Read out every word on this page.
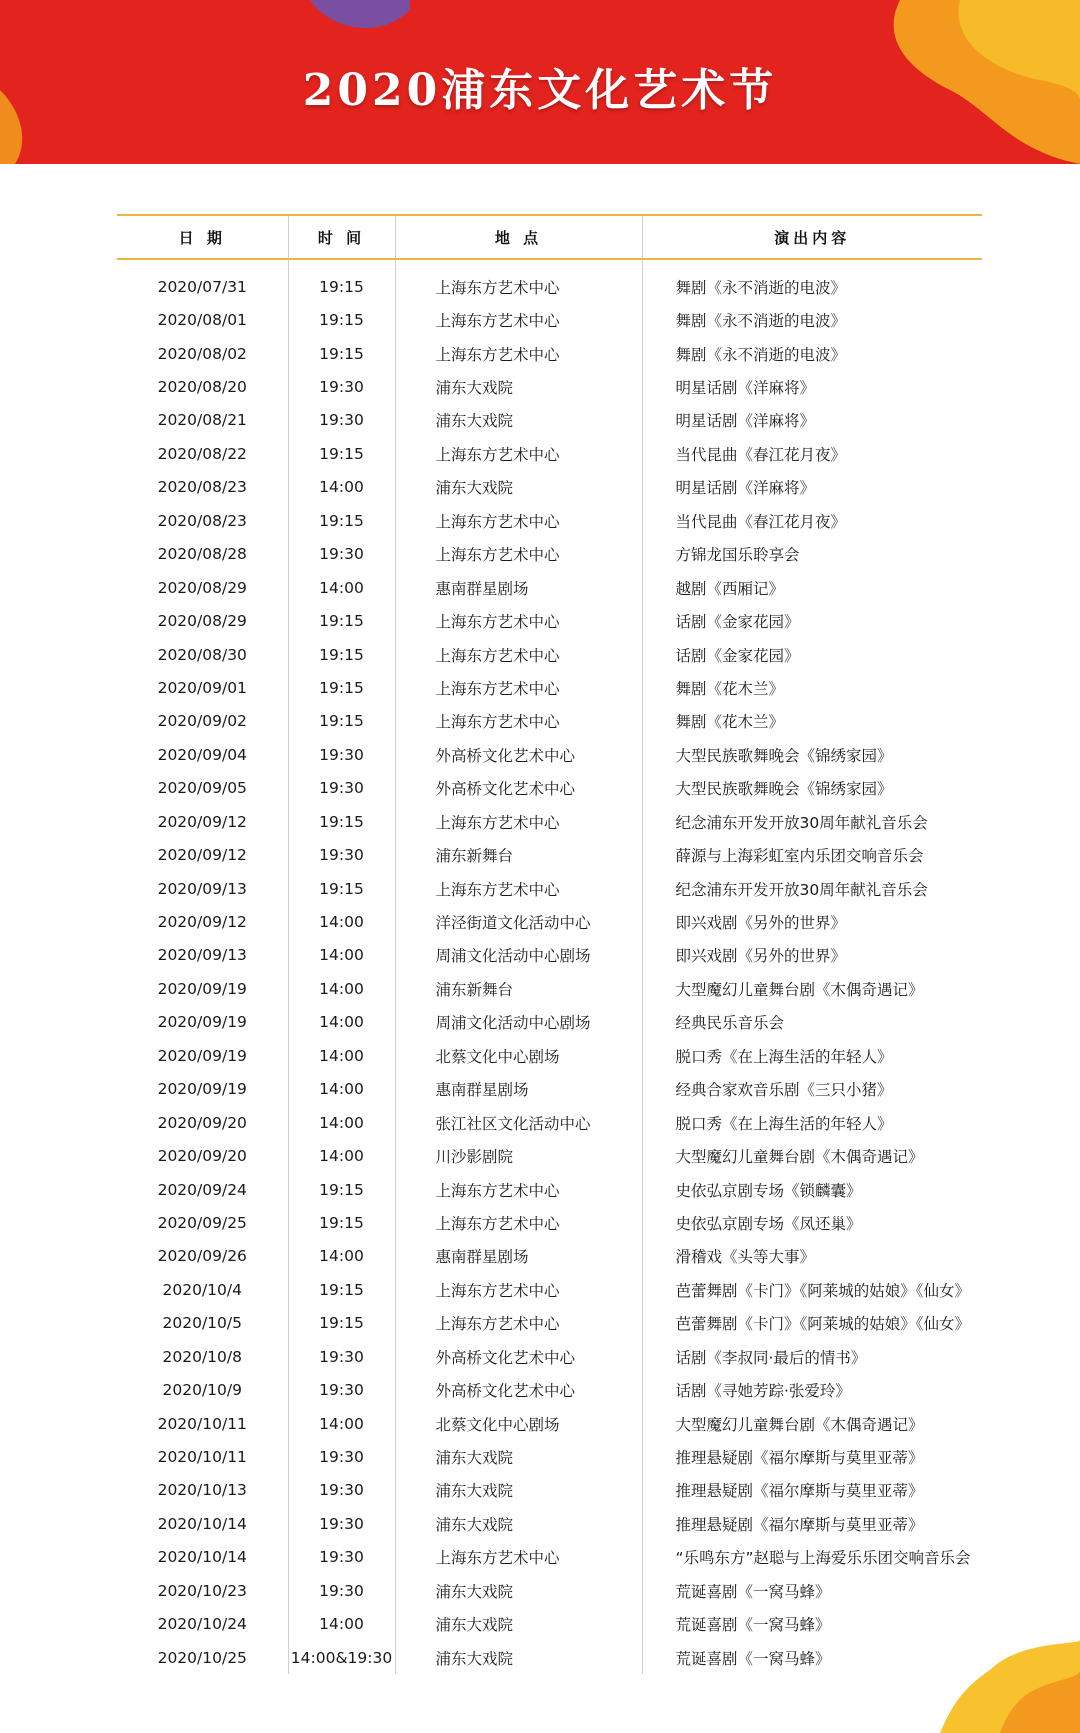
2020浦东文化艺术节
日 期	时 间	地 点	演出内容
2020/07/31	19:15	上海东方艺术中心	舞剧《永不消逝的电波》
2020/08/01	19:15	上海东方艺术中心	舞剧《永不消逝的电波》
2020/08/02	19:15	上海东方艺术中心	舞剧《永不消逝的电波》
2020/08/20	19:30	浦东大戏院	明星话剧《洋麻将》
2020/08/21	19:30	浦东大戏院	明星话剧《洋麻将》
2020/08/22	19:15	上海东方艺术中心	当代昆曲《春江花月夜》
2020/08/23	14:00	浦东大戏院	明星话剧《洋麻将》
2020/08/23	19:15	上海东方艺术中心	当代昆曲《春江花月夜》
2020/08/28	19:30	上海东方艺术中心	方锦龙国乐聆享会
2020/08/29	14:00	惠南群星剧场	越剧《西厢记》
2020/08/29	19:15	上海东方艺术中心	话剧《金家花园》
2020/08/30	19:15	上海东方艺术中心	话剧《金家花园》
2020/09/01	19:15	上海东方艺术中心	舞剧《花木兰》
2020/09/02	19:15	上海东方艺术中心	舞剧《花木兰》
2020/09/04	19:30	外高桥文化艺术中心	大型民族歌舞晚会《锦绣家园》
2020/09/05	19:30	外高桥文化艺术中心	大型民族歌舞晚会《锦绣家园》
2020/09/12	19:15	上海东方艺术中心	纪念浦东开发开放30周年献礼音乐会
2020/09/12	19:30	浦东新舞台	薛源与上海彩虹室内乐团交响音乐会
2020/09/13	19:15	上海东方艺术中心	纪念浦东开发开放30周年献礼音乐会
2020/09/12	14:00	洋泾街道文化活动中心	即兴戏剧《另外的世界》
2020/09/13	14:00	周浦文化活动中心剧场	即兴戏剧《另外的世界》
2020/09/19	14:00	浦东新舞台	大型魔幻儿童舞台剧《木偶奇遇记》
2020/09/19	14:00	周浦文化活动中心剧场	经典民乐音乐会
2020/09/19	14:00	北蔡文化中心剧场	脱口秀《在上海生活的年轻人》
2020/09/19	14:00	惠南群星剧场	经典合家欢音乐剧《三只小猪》
2020/09/20	14:00	张江社区文化活动中心	脱口秀《在上海生活的年轻人》
2020/09/20	14:00	川沙影剧院	大型魔幻儿童舞台剧《木偶奇遇记》
2020/09/24	19:15	上海东方艺术中心	史依弘京剧专场《锁麟囊》
2020/09/25	19:15	上海东方艺术中心	史依弘京剧专场《凤还巢》
2020/09/26	14:00	惠南群星剧场	滑稽戏《头等大事》
2020/10/4	19:15	上海东方艺术中心	芭蕾舞剧《卡门》《阿莱城的姑娘》《仙女》
2020/10/5	19:15	上海东方艺术中心	芭蕾舞剧《卡门》《阿莱城的姑娘》《仙女》
2020/10/8	19:30	外高桥文化艺术中心	话剧《李叔同·最后的情书》
2020/10/9	19:30	外高桥文化艺术中心	话剧《寻她芳踪·张爱玲》
2020/10/11	14:00	北蔡文化中心剧场	大型魔幻儿童舞台剧《木偶奇遇记》
2020/10/11	19:30	浦东大戏院	推理悬疑剧《福尔摩斯与莫里亚蒂》
2020/10/13	19:30	浦东大戏院	推理悬疑剧《福尔摩斯与莫里亚蒂》
2020/10/14	19:30	浦东大戏院	推理悬疑剧《福尔摩斯与莫里亚蒂》
2020/10/14	19:30	上海东方艺术中心	“乐鸣东方”赵聪与上海爱乐乐团交响音乐会
2020/10/23	19:30	浦东大戏院	荒诞喜剧《一窝马蜂》
2020/10/24	14:00	浦东大戏院	荒诞喜剧《一窝马蜂》
2020/10/25	14:00&19:30	浦东大戏院	荒诞喜剧《一窝马蜂》
